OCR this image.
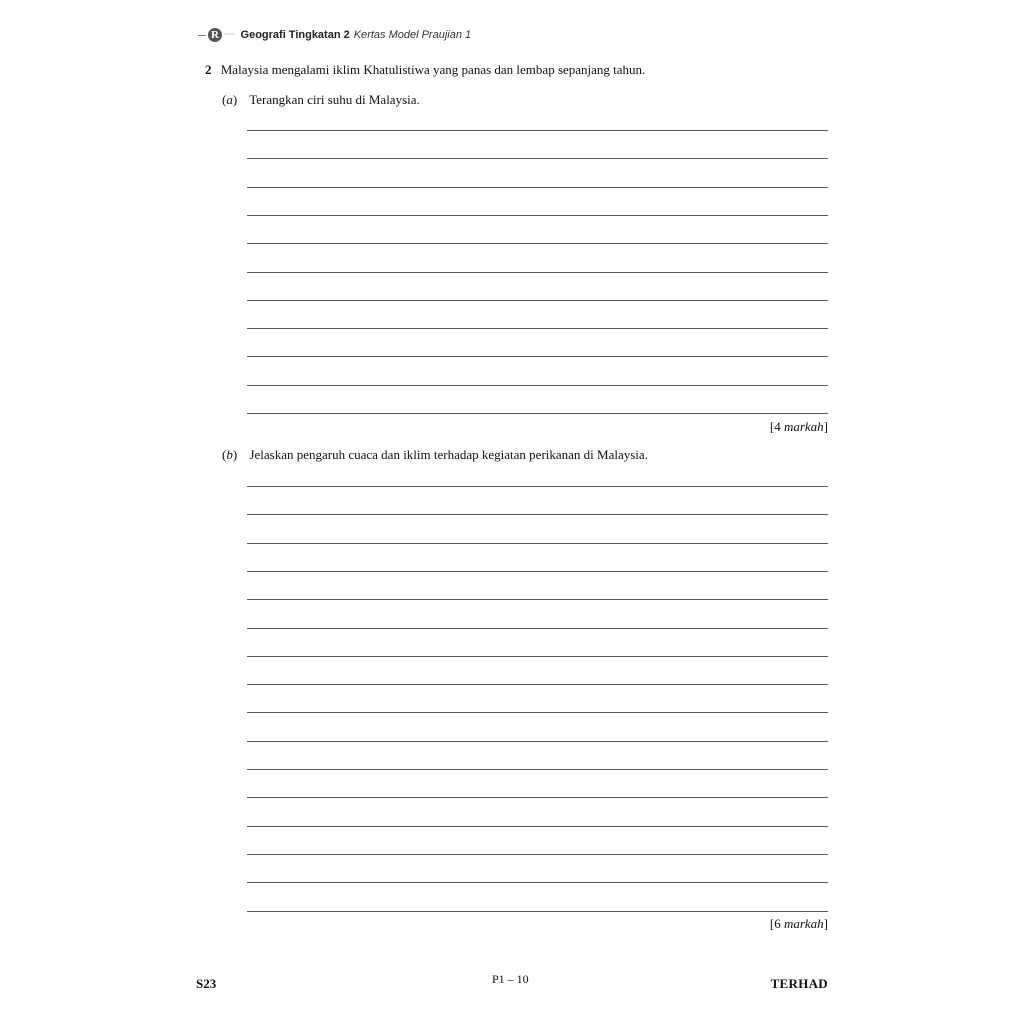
R ~~~ Geografi Tingkatan 2 Kertas Model Praujian 1
2 Malaysia mengalami iklim Khatulistiwa yang panas dan lembap sepanjang tahun.
(a) Terangkan ciri suhu di Malaysia.
[4 markah]
(b) Jelaskan pengaruh cuaca dan iklim terhadap kegiatan perikanan di Malaysia.
[6 markah]
S23	P1 – 10	TERHAD
